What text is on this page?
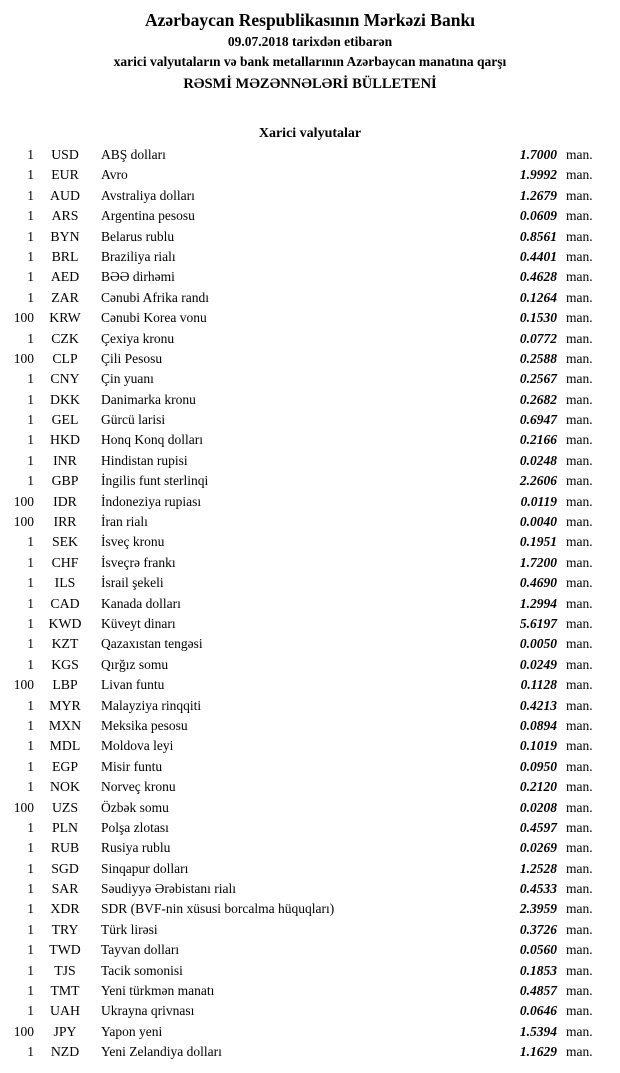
Azərbaycan Respublikasının Mərkəzi Bankı
09.07.2018 tarixdən etibarən
xarici valyutaların və bank metallarının Azərbaycan manatına qarşı
RƏSMİ MƏZƏNNƏLƏRİ BÜLLETENİ
Xarici valyutalar
1	USD	ABŞ dolları	1.7000 man.
1	EUR	Avro	1.9992 man.
1	AUD	Avstraliya dolları	1.2679 man.
1	ARS	Argentina pesosu	0.0609 man.
1	BYN	Belarus rublu	0.8561 man.
1	BRL	Braziliya rialı	0.4401 man.
1	AED	BƏƏ dirhəmi	0.4628 man.
1	ZAR	Cənubi Afrika randı	0.1264 man.
100	KRW	Cənubi Korea vonu	0.1530 man.
1	CZK	Çexiya kronu	0.0772 man.
100	CLP	Çili Pesosu	0.2588 man.
1	CNY	Çin yuanı	0.2567 man.
1	DKK	Danimarka kronu	0.2682 man.
1	GEL	Gürcü larisi	0.6947 man.
1	HKD	Honq Konq dolları	0.2166 man.
1	INR	Hindistan rupisi	0.0248 man.
1	GBP	İngilis funt sterlinqi	2.2606 man.
100	IDR	İndoneziya rupiası	0.0119 man.
100	IRR	İran rialı	0.0040 man.
1	SEK	İsveç kronu	0.1951 man.
1	CHF	İsveçrə frankı	1.7200 man.
1	ILS	İsrail şekeli	0.4690 man.
1	CAD	Kanada dolları	1.2994 man.
1	KWD	Küveyt dinarı	5.6197 man.
1	KZT	Qazaxıstan tengəsi	0.0050 man.
1	KGS	Qırğız somu	0.0249 man.
100	LBP	Livan funtu	0.1128 man.
1	MYR	Malayziya rinqqiti	0.4213 man.
1	MXN	Meksika pesosu	0.0894 man.
1	MDL	Moldova leyi	0.1019 man.
1	EGP	Misir funtu	0.0950 man.
1	NOK	Norveç kronu	0.2120 man.
100	UZS	Özbək somu	0.0208 man.
1	PLN	Polşa zlotası	0.4597 man.
1	RUB	Rusiya rublu	0.0269 man.
1	SGD	Sinqapur dolları	1.2528 man.
1	SAR	Səudiyyə Ərəbistanı rialı	0.4533 man.
1	XDR	SDR (BVF-nin xüsusi borcalma hüquqları)	2.3959 man.
1	TRY	Türk lirəsi	0.3726 man.
1	TWD	Tayvan dolları	0.0560 man.
1	TJS	Tacik somonisi	0.1853 man.
1	TMT	Yeni türkmən manatı	0.4857 man.
1	UAH	Ukrayna qrivnası	0.0646 man.
100	JPY	Yapon yeni	1.5394 man.
1	NZD	Yeni Zelandiya dolları	1.1629 man.
